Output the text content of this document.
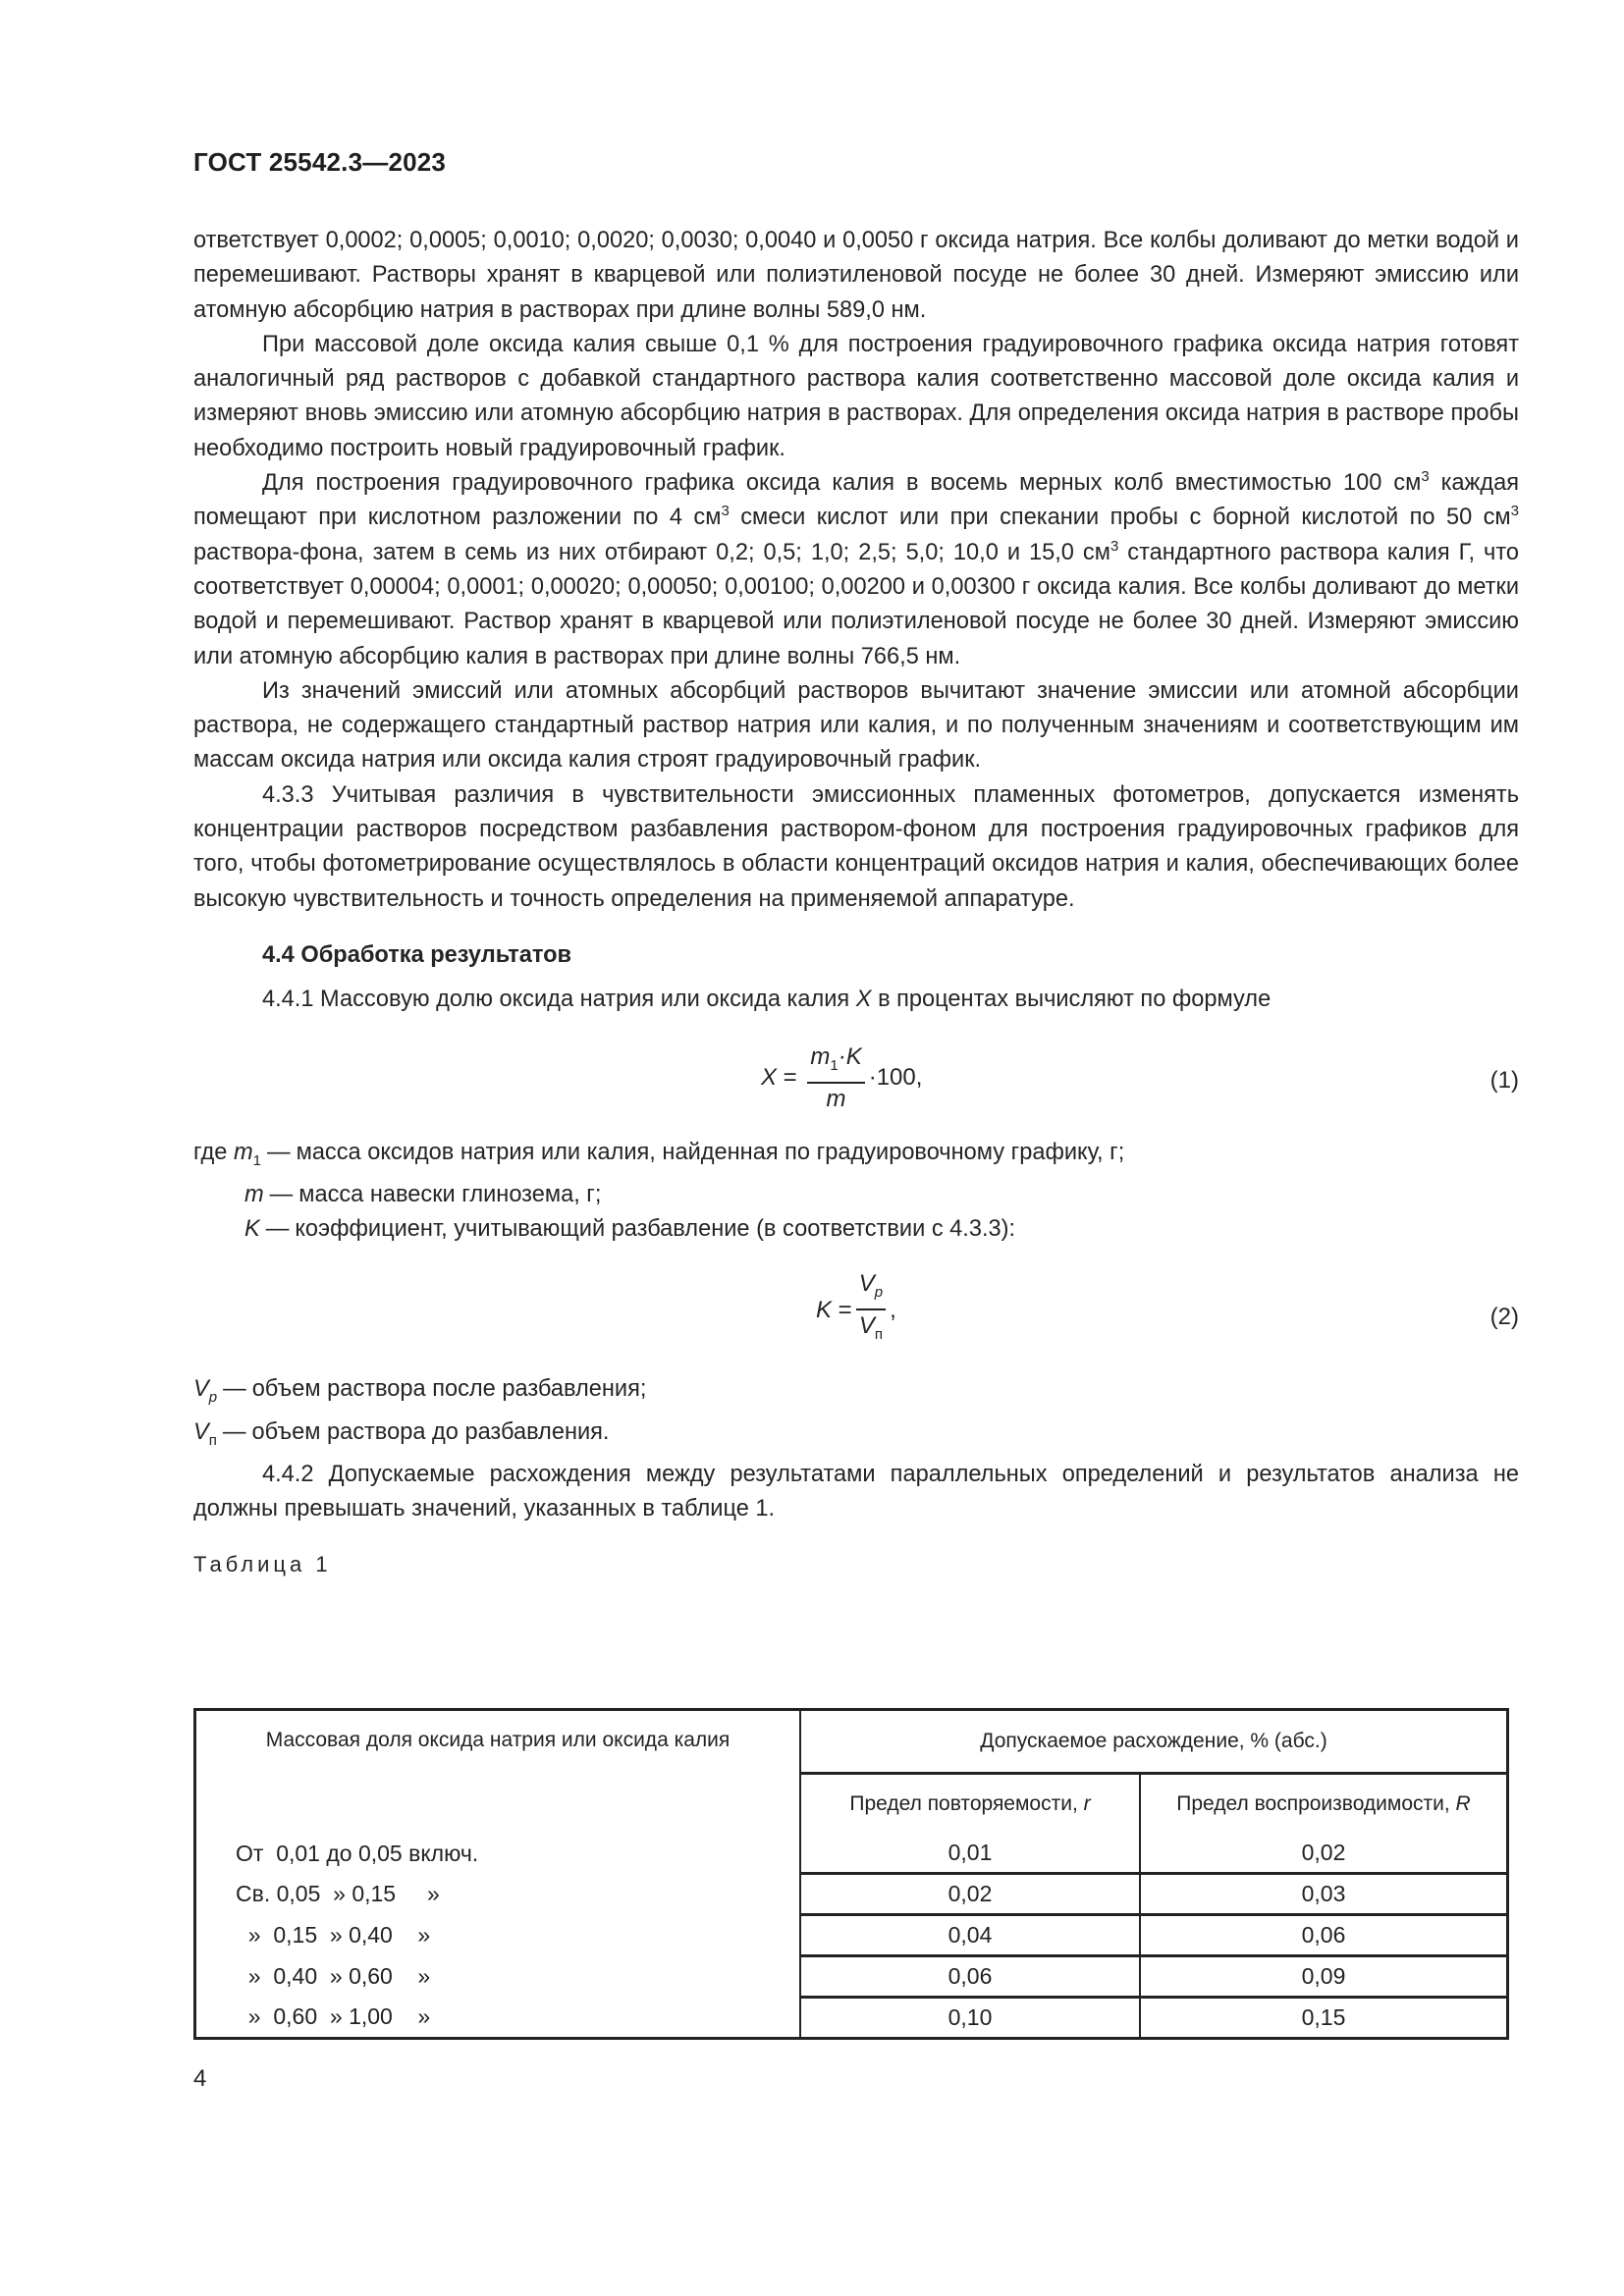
ГОСТ 25542.3—2023

ответствует 0,0002; 0,0005; 0,0010; 0,0020; 0,0030; 0,0040 и 0,0050 г оксида натрия. Все колбы доливают до метки водой и перемешивают. Растворы хранят в кварцевой или полиэтиленовой посуде не более 30 дней. Измеряют эмиссию или атомную абсорбцию натрия в растворах при длине волны 589,0 нм.

При массовой доле оксида калия свыше 0,1 % для построения градуировочного графика оксида натрия готовят аналогичный ряд растворов с добавкой стандартного раствора калия соответственно массовой доле оксида калия и измеряют вновь эмиссию или атомную абсорбцию натрия в растворах. Для определения оксида натрия в растворе пробы необходимо построить новый градуировочный график.

Для построения градуировочного графика оксида калия в восемь мерных колб вместимостью 100 $см^3$ каждая помещают при кислотном разложении по 4 $см^3$ смеси кислот или при спекании пробы с борной кислотой по 50 $см^3$ раствора-фона, затем в семь из них отбирают 0,2; 0,5; 1,0; 2,5; 5,0; 10,0 и 15,0 $см^3$ стандартного раствора калия Г, что соответствует 0,00004; 0,0001; 0,00020; 0,00050; 0,00100; 0,00200 и 0,00300 г оксида калия. Все колбы доливают до метки водой и перемешивают. Раствор хранят в кварцевой или полиэтиленовой посуде не более 30 дней. Измеряют эмиссию или атомную абсорбцию калия в растворах при длине волны 766,5 нм.

Из значений эмиссий или атомных абсорбций растворов вычитают значение эмиссии или атомной абсорбции раствора, не содержащего стандартный раствор натрия или калия, и по полученным значениям и соответствующим им массам оксида натрия или оксида калия строят градуировочный график.

4.3.3 Учитывая различия в чувствительности эмиссионных пламенных фотометров, допускается изменять концентрации растворов посредством разбавления раствором-фоном для построения градуировочных графиков для того, чтобы фотометрирование осуществлялось в области концентраций оксидов натрия и калия, обеспечивающих более высокую чувствительность и точность определения на применяемой аппаратуре.

4.4 Обработка результатов

4.4.1 Массовую долю оксида натрия или оксида калия X в процентах вычисляют по формуле

$X = \frac{m_1\cdot K}{m} \cdot 100$,	(1)

где $m_1$ — масса оксидов натрия или калия, найденная по градуировочному графику, г;

m — масса навески глинозема, г;

K — коэффициент, учитывающий разбавление (в соответствии с 4.3.3):

$K = \frac{V_p}{V_п}$ ,	(2)

$V_p$ — объем раствора после разбавления;

$V_п$ — объем раствора до разбавления.

4.4.2 Допускаемые расхождения между результатами параллельных определений и результатов анализа не должны превышать значений, указанных в таблице 1.

Таблица 1

Массовая доля оксида натрия или оксида калия	Допускаемое расхождение, % (абс.)	
	Предел повторяемости, r	Предел воспроизводимости, R
От  0,01 до 0,05 включ.	0,01	0,02
Св. 0,05  » 0,15     »	0,02	0,03
»  0,15  » 0,40    »	0,04	0,06
»  0,40  » 0,60    »	0,06	0,09
»  0,60  » 1,00    »	0,10	0,15
4
